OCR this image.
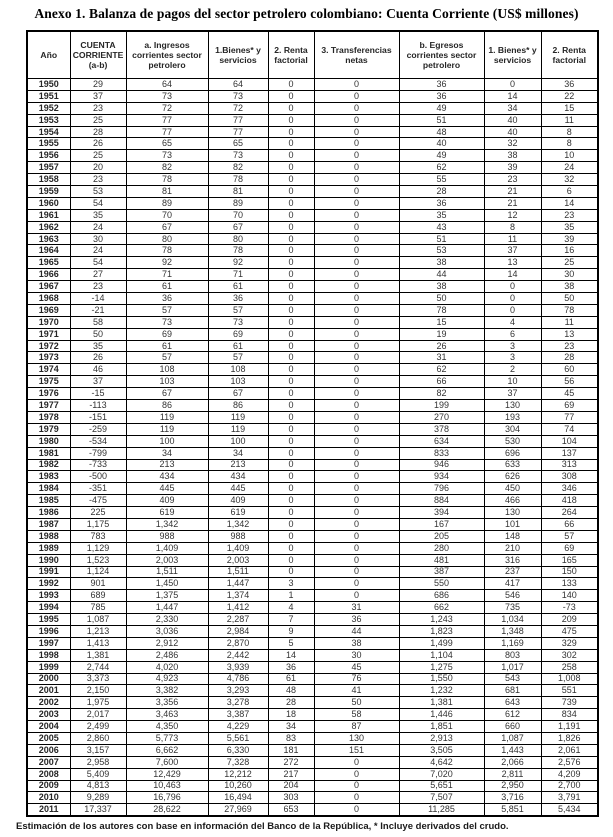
Anexo 1. Balanza de pagos del sector petrolero colombiano: Cuenta Corriente (US$ millones)
Año	CUENTA CORRIENTE (a-b)	a. Ingresos corrientes sector petrolero	1.Bienes* y servicios	2. Renta factorial	3. Transferencias netas	b. Egresos corrientes sector petrolero	1. Bienes* y servicios	2. Renta factorial
1950	29	64	64	0	0	36	0	36
1951	37	73	73	0	0	36	14	22
1952	23	72	72	0	0	49	34	15
1953	25	77	77	0	0	51	40	11
1954	28	77	77	0	0	48	40	8
1955	26	65	65	0	0	40	32	8
1956	25	73	73	0	0	49	38	10
1957	20	82	82	0	0	62	39	24
1958	23	78	78	0	0	55	23	32
1959	53	81	81	0	0	28	21	6
1960	54	89	89	0	0	36	21	14
1961	35	70	70	0	0	35	12	23
1962	24	67	67	0	0	43	8	35
1963	30	80	80	0	0	51	11	39
1964	24	78	78	0	0	53	37	16
1965	54	92	92	0	0	38	13	25
1966	27	71	71	0	0	44	14	30
1967	23	61	61	0	0	38	0	38
1968	-14	36	36	0	0	50	0	50
1969	-21	57	57	0	0	78	0	78
1970	58	73	73	0	0	15	4	11
1971	50	69	69	0	0	19	6	13
1972	35	61	61	0	0	26	3	23
1973	26	57	57	0	0	31	3	28
1974	46	108	108	0	0	62	2	60
1975	37	103	103	0	0	66	10	56
1976	-15	67	67	0	0	82	37	45
1977	-113	86	86	0	0	199	130	69
1978	-151	119	119	0	0	270	193	77
1979	-259	119	119	0	0	378	304	74
1980	-534	100	100	0	0	634	530	104
1981	-799	34	34	0	0	833	696	137
1982	-733	213	213	0	0	946	633	313
1983	-500	434	434	0	0	934	626	308
1984	-351	445	445	0	0	796	450	346
1985	-475	409	409	0	0	884	466	418
1986	225	619	619	0	0	394	130	264
1987	1,175	1,342	1,342	0	0	167	101	66
1988	783	988	988	0	0	205	148	57
1989	1,129	1,409	1,409	0	0	280	210	69
1990	1,523	2,003	2,003	0	0	481	316	165
1991	1,124	1,511	1,511	0	0	387	237	150
1992	901	1,450	1,447	3	0	550	417	133
1993	689	1,375	1,374	1	0	686	546	140
1994	785	1,447	1,412	4	31	662	735	-73
1995	1,087	2,330	2,287	7	36	1,243	1,034	209
1996	1,213	3,036	2,984	9	44	1,823	1,348	475
1997	1,413	2,912	2,870	5	38	1,499	1,169	329
1998	1,381	2,486	2,442	14	30	1,104	803	302
1999	2,744	4,020	3,939	36	45	1,275	1,017	258
2000	3,373	4,923	4,786	61	76	1,550	543	1,008
2001	2,150	3,382	3,293	48	41	1,232	681	551
2002	1,975	3,356	3,278	28	50	1,381	643	739
2003	2,017	3,463	3,387	18	58	1,446	612	834
2004	2,499	4,350	4,229	34	87	1,851	660	1,191
2005	2,860	5,773	5,561	83	130	2,913	1,087	1,826
2006	3,157	6,662	6,330	181	151	3,505	1,443	2,061
2007	2,958	7,600	7,328	272	0	4,642	2,066	2,576
2008	5,409	12,429	12,212	217	0	7,020	2,811	4,209
2009	4,813	10,463	10,260	204	0	5,651	2,950	2,700
2010	9,289	16,796	16,494	303	0	7,507	3,716	3,791
2011	17,337	28,622	27,969	653	0	11,285	5,851	5,434
Estimación de los autores con base en información del Banco de la República, * Incluye derivados del crudo.
